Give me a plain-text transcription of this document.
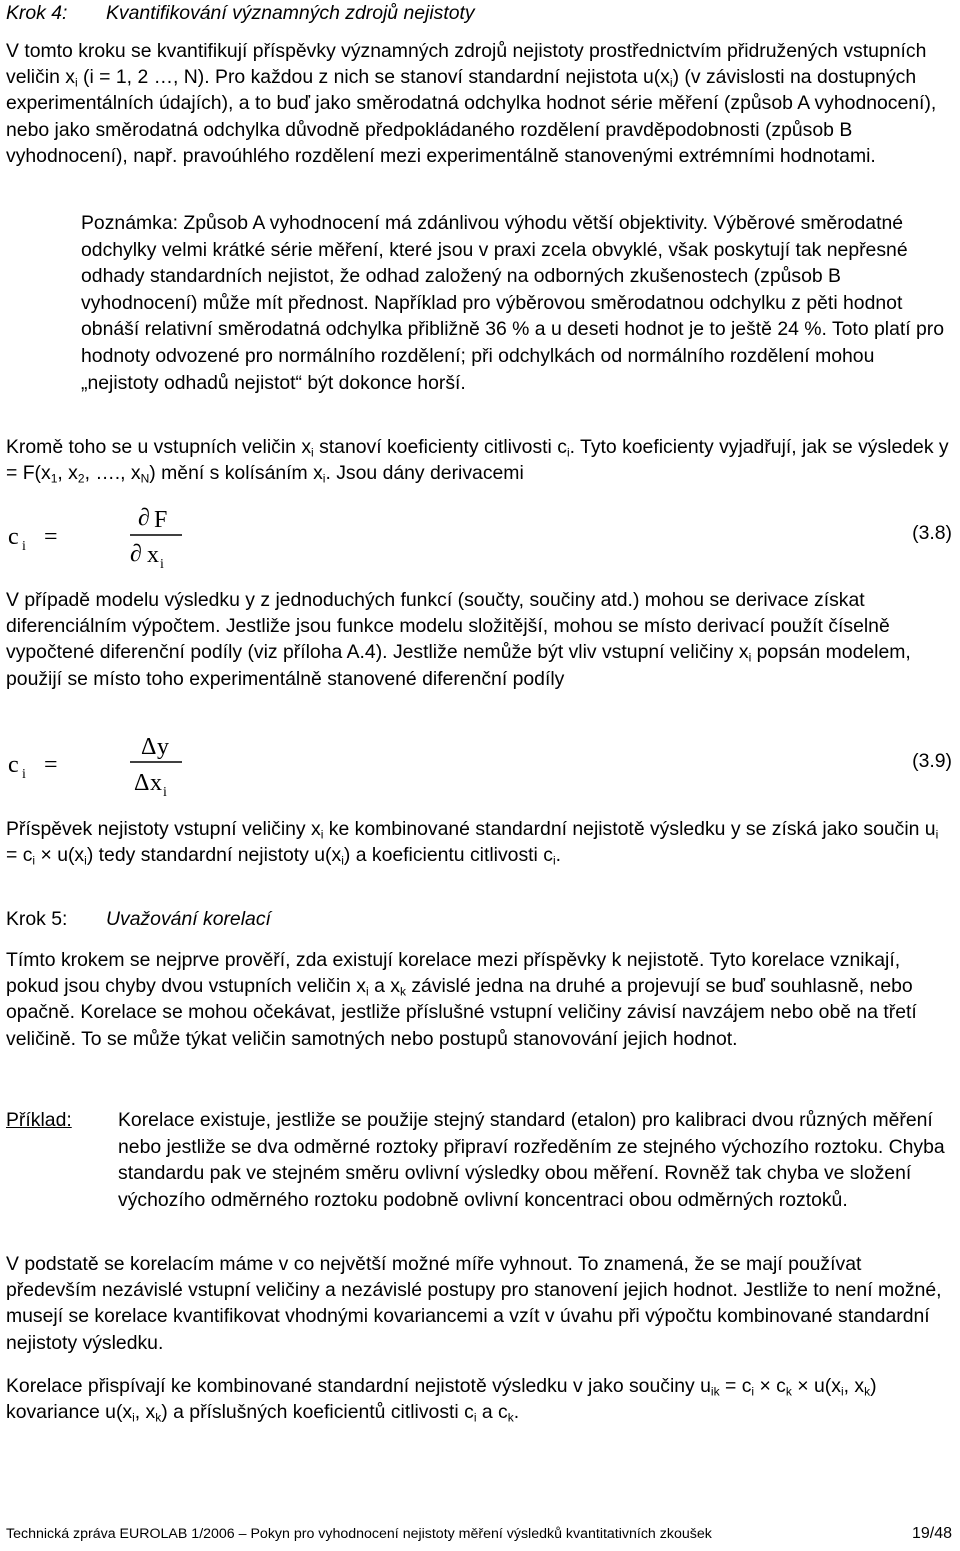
Krok 4: Kvantifikování významných zdrojů nejistoty

V tomto kroku se kvantifikují příspěvky významných zdrojů nejistoty prostřednictvím přidružených vstupních veličin $x_i$ (i = 1, 2 …, N). Pro každou z nich se stanoví standardní nejistota $u(x_i)$ (v závislosti na dostupných experimentálních údajích), a to buď jako směrodatná odchylka hodnot série měření (způsob A vyhodnocení), nebo jako směrodatná odchylka důvodně předpokládaného rozdělení pravděpodobnosti (způsob B vyhodnocení), např. pravoúhlého rozdělení mezi experimentálně stanovenými extrémními hodnotami.

Poznámka: Způsob A vyhodnocení má zdánlivou výhodu větší objektivity. Výběrové směrodatné odchylky velmi krátké série měření, které jsou v praxi zcela obvyklé, však poskytují tak nepřesné odhady standardních nejistot, že odhad založený na odborných zkušenostech (způsob B vyhodnocení) může mít přednost. Například pro výběrovou směrodatnou odchylku z pěti hodnot obnáší relativní směrodatná odchylka přibližně 36 % a u deseti hodnot je to ještě 24 %. Toto platí pro hodnoty odvozené pro normálního rozdělení; při odchylkách od normálního rozdělení mohou „nejistoty odhadů nejistot“ být dokonce horší.

Kromě toho se u vstupních veličin $x_i$ stanoví koeficienty citlivosti $c_i$. Tyto koeficienty vyjadřují, jak se výsledek $y = F(x_1$, $x_2$, …., $x_N$) mění s kolísáním $x_i$. Jsou dány derivacemi

c i =
∂ F
∂ x i
(3.8)

V případě modelu výsledku y z jednoduchých funkcí (součty, součiny atd.) mohou se derivace získat diferenciálním výpočtem. Jestliže jsou funkce modelu složitější, mohou se místo derivací použít číselně vypočtené diferenční podíly (viz příloha A.4). Jestliže nemůže být vliv vstupní veličiny $x_i$ popsán modelem, použijí se místo toho experimentálně stanovené diferenční podíly

c i =
Δ y
Δ x i
(3.9)

Příspěvek nejistoty vstupní veličiny $x_i$ ke kombinované standardní nejistotě výsledku y se získá jako součin $u_i = c_i \times u(x_i)$ tedy standardní nejistoty $u(x_i)$ a koeficientu citlivosti $c_i$.

Krok 5: Uvažování korelací

Tímto krokem se nejprve prověří, zda existují korelace mezi příspěvky k nejistotě. Tyto korelace vznikají, pokud jsou chyby dvou vstupních veličin $x_i$ a $x_k$ závislé jedna na druhé a projevují se buď souhlasně, nebo opačně. Korelace se mohou očekávat, jestliže příslušné vstupní veličiny závisí navzájem nebo obě na třetí veličině. To se může týkat veličin samotných nebo postupů stanovování jejich hodnot.

Příklad: Korelace existuje, jestliže se použije stejný standard (etalon) pro kalibraci dvou různých měření nebo jestliže se dva odměrné roztoky připraví rozředěním ze stejného výchozího roztoku. Chyba standardu pak ve stejném směru ovlivní výsledky obou měření. Rovněž tak chyba ve složení výchozího odměrného roztoku podobně ovlivní koncentraci obou odměrných roztoků.

V podstatě se korelacím máme v co největší možné míře vyhnout. To znamená, že se mají používat především nezávislé vstupní veličiny a nezávislé postupy pro stanovení jejich hodnot. Jestliže to není možné, musejí se korelace kvantifikovat vhodnými kovariancemi a vzít v úvahu při výpočtu kombinované standardní nejistoty výsledku.

Korelace přispívají ke kombinované standardní nejistotě výsledku v jako součiny $u_{ik} = c_i \times c_k \times u(x_i$, $x_k$) kovariance $u(x_i$, $x_k$) a příslušných koeficientů citlivosti $c_i$ a $c_k$.

Technická zpráva EUROLAB 1/2006 – Pokyn pro vyhodnocení nejistoty měření výsledků kvantitativních zkoušek	19/48
